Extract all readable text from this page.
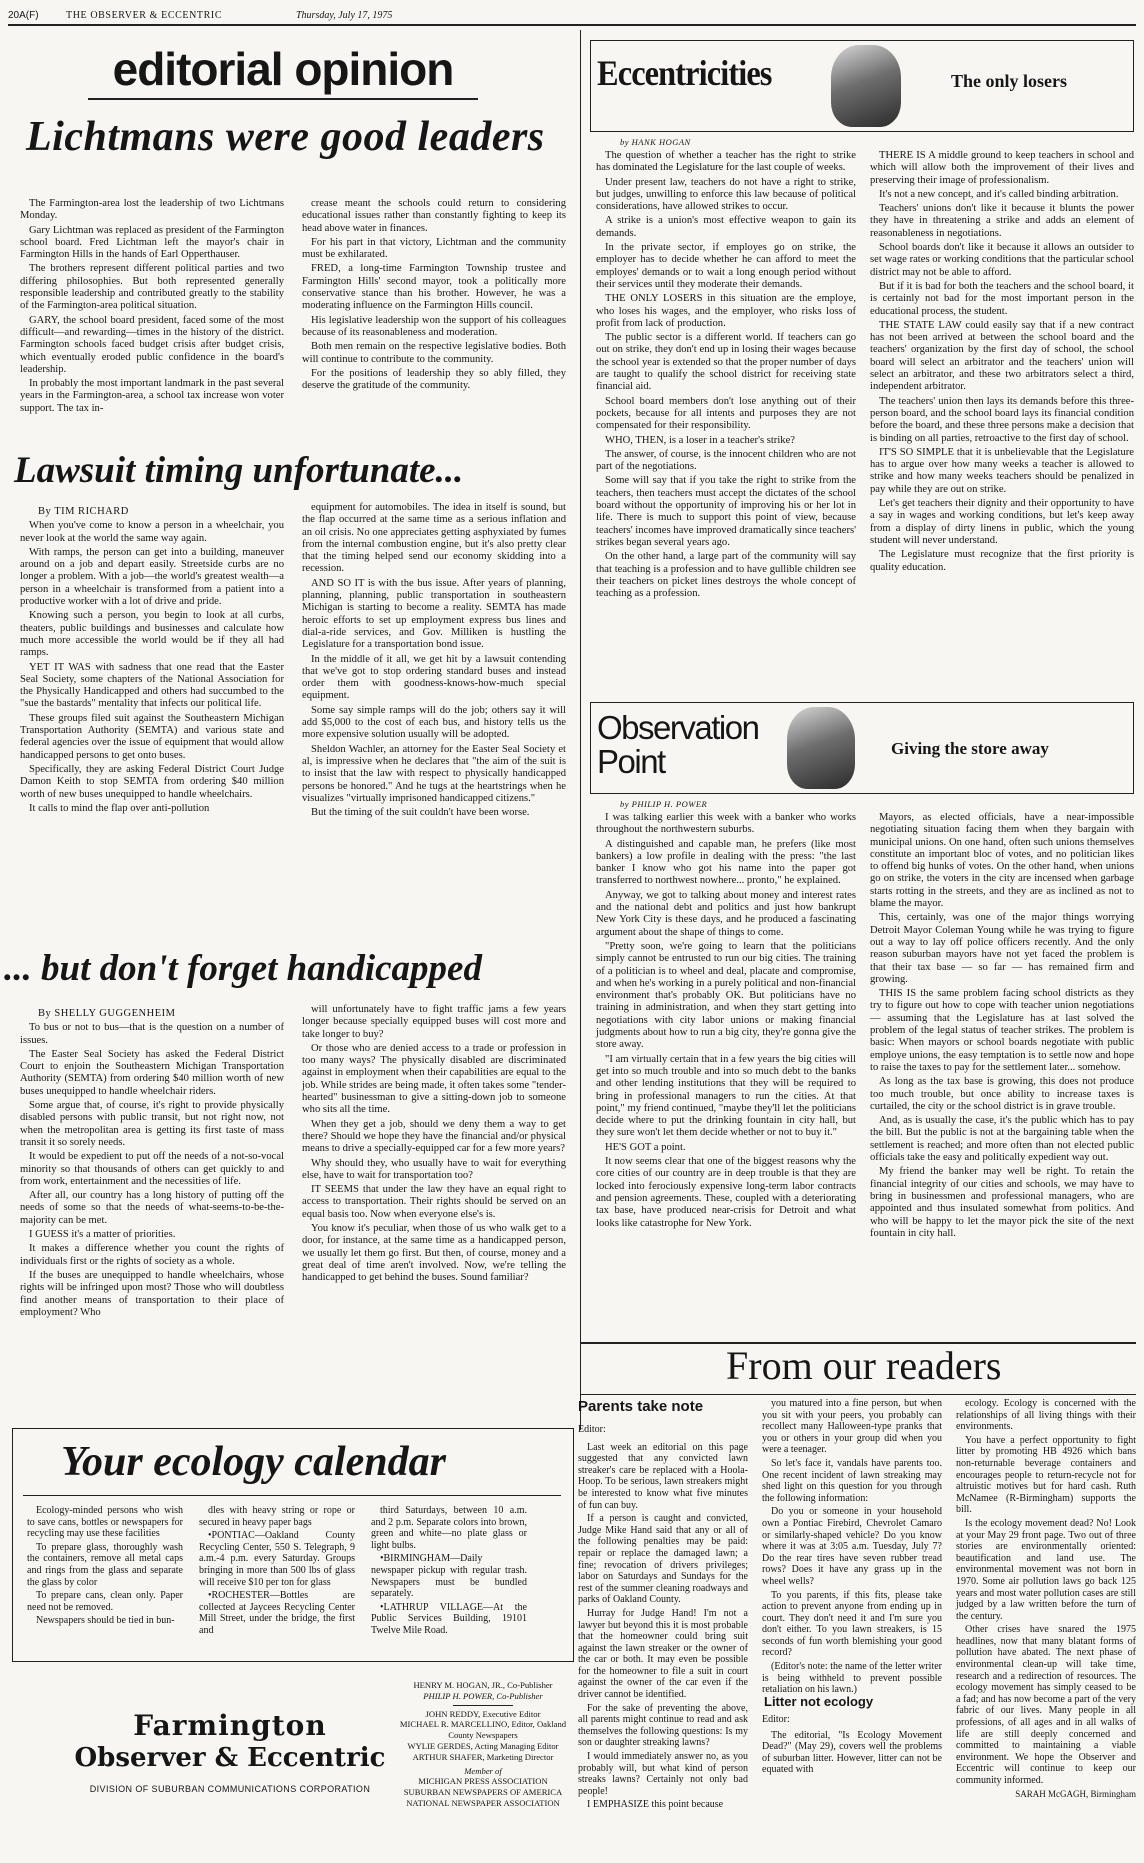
20A(F)	THE OBSERVER & ECCENTRIC	Thursday, July 17, 1975
editorial opinion
Lichtmans were good leaders

The Farmington-area lost the leadership of two Lichtmans Monday.

Gary Lichtman was replaced as president of the Farmington school board. Fred Lichtman left the mayor's chair in Farmington Hills in the hands of Earl Opperthauser.

The brothers represent different political parties and two differing philosophies. But both represented generally responsible leadership and contributed greatly to the stability of the Farmington-area political situation.

GARY, the school board president, faced some of the most difficult—and rewarding—times in the history of the district. Farmington schools faced budget crisis after budget crisis, which eventually eroded public confidence in the board's leadership.

In probably the most important landmark in the past several years in the Farmington-area, a school tax increase won voter support. The tax in-

crease meant the schools could return to considering educational issues rather than constantly fighting to keep its head above water in finances.

For his part in that victory, Lichtman and the community must be exhilarated.

FRED, a long-time Farmington Township trustee and Farmington Hills' second mayor, took a politically more conservative stance than his brother. However, he was a moderating influence on the Farmington Hills council.

His legislative leadership won the support of his colleagues because of its reasonableness and moderation.

Both men remain on the respective legislative bodies. Both will continue to contribute to the community.

For the positions of leadership they so ably filled, they deserve the gratitude of the community.

Lawsuit timing unfortunate...

By TIM RICHARD

When you've come to know a person in a wheelchair, you never look at the world the same way again.

With ramps, the person can get into a building, maneuver around on a job and depart easily. Streetside curbs are no longer a problem. With a job—the world's greatest wealth—a person in a wheelchair is transformed from a patient into a productive worker with a lot of drive and pride.

Knowing such a person, you begin to look at all curbs, theaters, public buildings and businesses and calculate how much more accessible the world would be if they all had ramps.

YET IT WAS with sadness that one read that the Easter Seal Society, some chapters of the National Association for the Physically Handicapped and others had succumbed to the "sue the bastards" mentality that infects our political life.

These groups filed suit against the Southeastern Michigan Transportation Authority (SEMTA) and various state and federal agencies over the issue of equipment that would allow handicapped persons to get onto buses.

Specifically, they are asking Federal District Court Judge Damon Keith to stop SEMTA from ordering $40 million worth of new buses unequipped to handle wheelchairs.

It calls to mind the flap over anti-pollution

equipment for automobiles. The idea in itself is sound, but the flap occurred at the same time as a serious inflation and an oil crisis. No one appreciates getting asphyxiated by fumes from the internal combustion engine, but it's also pretty clear that the timing helped send our economy skidding into a recession.

AND SO IT is with the bus issue. After years of planning, planning, planning, public transportation in southeastern Michigan is starting to become a reality. SEMTA has made heroic efforts to set up employment express bus lines and dial-a-ride services, and Gov. Milliken is hustling the Legislature for a transportation bond issue.

In the middle of it all, we get hit by a lawsuit contending that we've got to stop ordering standard buses and instead order them with goodness-knows-how-much special equipment.

Some say simple ramps will do the job; others say it will add $5,000 to the cost of each bus, and history tells us the more expensive solution usually will be adopted.

Sheldon Wachler, an attorney for the Easter Seal Society et al, is impressive when he declares that "the aim of the suit is to insist that the law with respect to physically handicapped persons be honored." And he tugs at the heartstrings when he visualizes "virtually imprisoned handicapped citizens."

But the timing of the suit couldn't have been worse.

... but don't forget handicapped

By SHELLY GUGGENHEIM

To bus or not to bus—that is the question on a number of issues.

The Easter Seal Society has asked the Federal District Court to enjoin the Southeastern Michigan Transportation Authority (SEMTA) from ordering $40 million worth of new buses unequipped to handle wheelchair riders.

Some argue that, of course, it's right to provide physically disabled persons with public transit, but not right now, not when the metropolitan area is getting its first taste of mass transit it so sorely needs.

It would be expedient to put off the needs of a not-so-vocal minority so that thousands of others can get quickly to and from work, entertainment and the necessities of life.

After all, our country has a long history of putting off the needs of some so that the needs of what-seems-to-be-the-majority can be met.

I GUESS it's a matter of priorities.

It makes a difference whether you count the rights of individuals first or the rights of society as a whole.

If the buses are unequipped to handle wheelchairs, whose rights will be infringed upon most? Those who will doubtless find another means of transportation to their place of employment? Who

will unfortunately have to fight traffic jams a few years longer because specially equipped buses will cost more and take longer to buy?

Or those who are denied access to a trade or profession in too many ways? The physically disabled are discriminated against in employment when their capabilities are equal to the job. While strides are being made, it often takes some "tender-hearted" businessman to give a sitting-down job to someone who sits all the time.

When they get a job, should we deny them a way to get there? Should we hope they have the financial and/or physical means to drive a specially-equipped car for a few more years?

Why should they, who usually have to wait for everything else, have to wait for transportation too?

IT SEEMS that under the law they have an equal right to access to transportation. Their rights should be served on an equal basis too. Now when everyone else's is.

You know it's peculiar, when those of us who walk get to a door, for instance, at the same time as a handicapped person, we usually let them go first. But then, of course, money and a great deal of time aren't involved. Now, we're telling the handicapped to get behind the buses. Sound familiar?

Your ecology calendar

Ecology-minded persons who wish to save cans, bottles or newspapers for recycling may use these facilities

To prepare glass, thoroughly wash the containers, remove all metal caps and rings from the glass and separate the glass by color

To prepare cans, clean only. Paper need not be removed.

Newspapers should be tied in bun-

dles with heavy string or rope or secured in heavy paper bags

•PONTIAC—Oakland County Recycling Center, 550 S. Telegraph, 9 a.m.-4 p.m. every Saturday. Groups bringing in more than 500 lbs of glass will receive $10 per ton for glass

•ROCHESTER—Bottles are collected at Jaycees Recycling Center Mill Street, under the bridge, the first and

third Saturdays, between 10 a.m. and 2 p.m. Separate colors into brown, green and white—no plate glass or light bulbs.

•BIRMINGHAM—Daily newspaper pickup with regular trash. Newspapers must be bundled separately.

•LATHRUP VILLAGE—At the Public Services Building, 19101 Twelve Mile Road.

Farmington
Observer & Eccentric
DIVISION OF SUBURBAN COMMUNICATIONS CORPORATION
HENRY M. HOGAN, JR., Co-Publisher
PHILIP H. POWER, Co-Publisher
JOHN REDDY, Executive Editor
MICHAEL R. MARCELLINO, Editor, Oakland County Newspapers
WYLIE GERDES, Acting Managing Editor
ARTHUR SHAFER, Marketing Director
Member of
MICHIGAN PRESS ASSOCIATION
SUBURBAN NEWSPAPERS OF AMERICA
NATIONAL NEWSPAPER ASSOCIATION
Eccentricities	The only losers
by HANK HOGAN

The question of whether a teacher has the right to strike has dominated the Legislature for the last couple of weeks.

Under present law, teachers do not have a right to strike, but judges, unwilling to enforce this law because of political considerations, have allowed strikes to occur.

A strike is a union's most effective weapon to gain its demands.

In the private sector, if employes go on strike, the employer has to decide whether he can afford to meet the employes' demands or to wait a long enough period without their services until they moderate their demands.

THE ONLY LOSERS in this situation are the employe, who loses his wages, and the employer, who risks loss of profit from lack of production.

The public sector is a different world. If teachers can go out on strike, they don't end up in losing their wages because the school year is extended so that the proper number of days are taught to qualify the school district for receiving state financial aid.

School board members don't lose anything out of their pockets, because for all intents and purposes they are not compensated for their responsibility.

WHO, THEN, is a loser in a teacher's strike?

The answer, of course, is the innocent children who are not part of the negotiations.

Some will say that if you take the right to strike from the teachers, then teachers must accept the dictates of the school board without the opportunity of improving his or her lot in life. There is much to support this point of view, because teachers' incomes have improved dramatically since teachers' strikes began several years ago.

On the other hand, a large part of the community will say that teaching is a profession and to have gullible children see their teachers on picket lines destroys the whole concept of teaching as a profession.

THERE IS A middle ground to keep teachers in school and which will allow both the improvement of their lives and preserving their image of professionalism.

It's not a new concept, and it's called binding arbitration.

Teachers' unions don't like it because it blunts the power they have in threatening a strike and adds an element of reasonableness in negotiations.

School boards don't like it because it allows an outsider to set wage rates or working conditions that the particular school district may not be able to afford.

But if it is bad for both the teachers and the school board, it is certainly not bad for the most important person in the educational process, the student.

THE STATE LAW could easily say that if a new contract has not been arrived at between the school board and the teachers' organization by the first day of school, the school board will select an arbitrator and the teachers' union will select an arbitrator, and these two arbitrators select a third, independent arbitrator.

The teachers' union then lays its demands before this three-person board, and the school board lays its financial condition before the board, and these three persons make a decision that is binding on all parties, retroactive to the first day of school.

IT'S SO SIMPLE that it is unbelievable that the Legislature has to argue over how many weeks a teacher is allowed to strike and how many weeks teachers should be penalized in pay while they are out on strike.

Let's get teachers their dignity and their opportunity to have a say in wages and working conditions, but let's keep away from a display of dirty linens in public, which the young student will never understand.

The Legislature must recognize that the first priority is quality education.

Observation
Point	Giving the store away
by PHILIP H. POWER

I was talking earlier this week with a banker who works throughout the northwestern suburbs.

A distinguished and capable man, he prefers (like most bankers) a low profile in dealing with the press: "the last banker I know who got his name into the paper got transferred to northwest nowhere... pronto," he explained.

Anyway, we got to talking about money and interest rates and the national debt and politics and just how bankrupt New York City is these days, and he produced a fascinating argument about the shape of things to come.

"Pretty soon, we're going to learn that the politicians simply cannot be entrusted to run our big cities. The training of a politician is to wheel and deal, placate and compromise, and when he's working in a purely political and non-financial environment that's probably OK. But politicians have no training in administration, and when they start getting into negotiations with city labor unions or making financial judgments about how to run a big city, they're gonna give the store away.

"I am virtually certain that in a few years the big cities will get into so much trouble and into so much debt to the banks and other lending institutions that they will be required to bring in professional managers to run the cities. At that point," my friend continued, "maybe they'll let the politicians decide where to put the drinking fountain in city hall, but they sure won't let them decide whether or not to buy it."

HE'S GOT a point.

It now seems clear that one of the biggest reasons why the core cities of our country are in deep trouble is that they are locked into ferociously expensive long-term labor contracts and pension agreements. These, coupled with a deteriorating tax base, have produced near-crisis for Detroit and what looks like catastrophe for New York.

Mayors, as elected officials, have a near-impossible negotiating situation facing them when they bargain with municipal unions. On one hand, often such unions themselves constitute an important bloc of votes, and no politician likes to offend big hunks of votes. On the other hand, when unions go on strike, the voters in the city are incensed when garbage starts rotting in the streets, and they are as inclined as not to blame the mayor.

This, certainly, was one of the major things worrying Detroit Mayor Coleman Young while he was trying to figure out a way to lay off police officers recently. And the only reason suburban mayors have not yet faced the problem is that their tax base — so far — has remained firm and growing.

THIS IS the same problem facing school districts as they try to figure out how to cope with teacher union negotiations — assuming that the Legislature has at last solved the problem of the legal status of teacher strikes. The problem is basic: When mayors or school boards negotiate with public employe unions, the easy temptation is to settle now and hope to raise the taxes to pay for the settlement later... somehow.

As long as the tax base is growing, this does not produce too much trouble, but once ability to increase taxes is curtailed, the city or the school district is in grave trouble.

And, as is usually the case, it's the public which has to pay the bill. But the public is not at the bargaining table when the settlement is reached; and more often than not elected public officials take the easy and politically expedient way out.

My friend the banker may well be right. To retain the financial integrity of our cities and schools, we may have to bring in businessmen and professional managers, who are appointed and thus insulated somewhat from politics. And who will be happy to let the mayor pick the site of the next fountain in city hall.

From our readers
Parents take note

Editor:

Last week an editorial on this page suggested that any convicted lawn streaker's care be replaced with a Hoola-Hoop. To be serious, lawn streakers might be interested to know what five minutes of fun can buy.

If a person is caught and convicted, Judge Mike Hand said that any or all of the following penalties may be paid: repair or replace the damaged lawn; a fine; revocation of drivers privileges; labor on Saturdays and Sundays for the rest of the summer cleaning roadways and parks of Oakland County.

Hurray for Judge Hand! I'm not a lawyer but beyond this it is most probable that the homeowner could bring suit against the lawn streaker or the owner of the car or both. It may even be possible for the homeowner to file a suit in court against the owner of the car even if the driver cannot be identified.

For the sake of preventing the above, all parents might continue to read and ask themselves the following questions: Is my son or daughter streaking lawns?

I would immediately answer no, as you probably will, but what kind of person streaks lawns? Certainly not only bad people!

I EMPHASIZE this point because

you matured into a fine person, but when you sit with your peers, you probably can recollect many Halloween-type pranks that you or others in your group did when you were a teenager.

So let's face it, vandals have parents too. One recent incident of lawn streaking may shed light on this question for you through the following information:

Do you or someone in your household own a Pontiac Firebird, Chevrolet Camaro or similarly-shaped vehicle? Do you know where it was at 3:05 a.m. Tuesday, July 7? Do the rear tires have seven rubber tread rows? Does it have any grass up in the wheel wells?

To you parents, if this fits, please take action to prevent anyone from ending up in court. They don't need it and I'm sure you don't either. To you lawn streakers, is 15 seconds of fun worth blemishing your good record?

(Editor's note: the name of the letter writer is being withheld to prevent possible retaliation on his lawn.)

Litter not ecology

Editor:

The editorial, "Is Ecology Movement Dead?" (May 29), covers well the problems of suburban litter. However, litter can not be equated with

ecology. Ecology is concerned with the relationships of all living things with their environments.

You have a perfect opportunity to fight litter by promoting HB 4926 which bans non-returnable beverage containers and encourages people to return-recycle not for altruistic motives but for hard cash. Ruth McNamee (R-Birmingham) supports the bill.

Is the ecology movement dead? No! Look at your May 29 front page. Two out of three stories are environmentally oriented: beautification and land use. The environmental movement was not born in 1970. Some air pollution laws go back 125 years and most water pollution cases are still judged by a law written before the turn of the century.

Other crises have snared the 1975 headlines, now that many blatant forms of pollution have abated. The next phase of environmental clean-up will take time, research and a redirection of resources. The ecology movement has simply ceased to be a fad; and has now become a part of the very fabric of our lives. Many people in all professions, of all ages and in all walks of life are still deeply concerned and committed to maintaining a viable environment. We hope the Observer and Eccentric will continue to keep our community informed.

SARAH McGAGH, Birmingham
